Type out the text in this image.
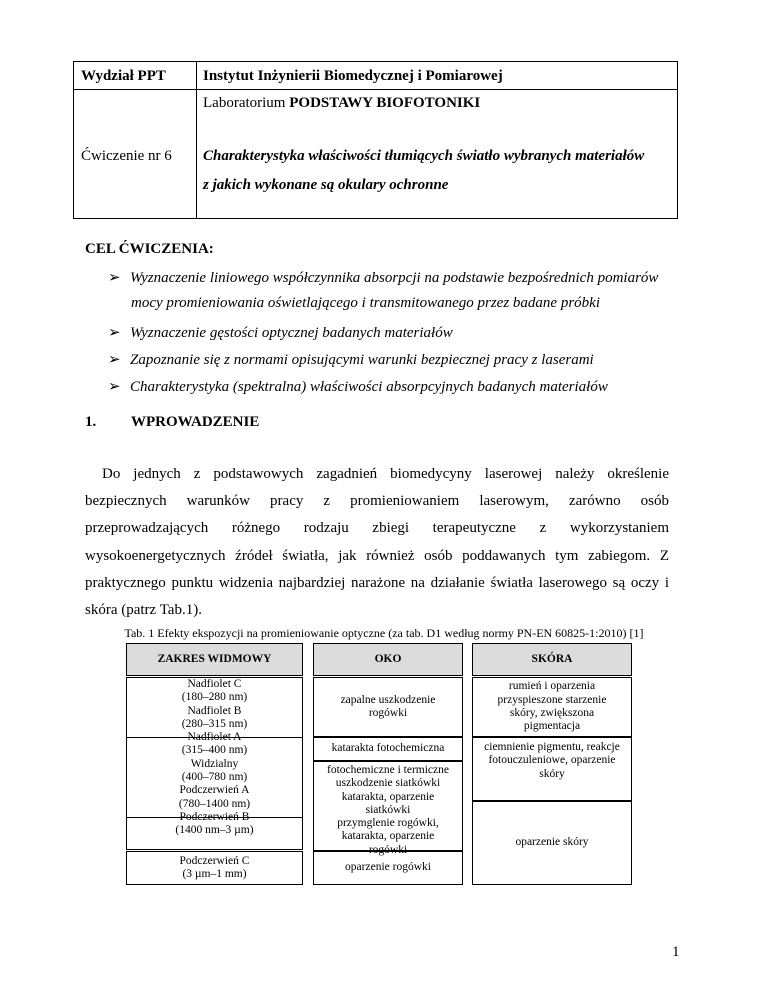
Wydział PPT Instytut Inżynierii Biomedycznej i Pomiarowej
Laboratorium PODSTAWY BIOFOTONIKI
Ćwiczenie nr 6 Charakterystyka właściwości tłumiących światło wybranych materiałów
z jakich wykonane są okulary ochronne
CEL ĆWICZENIA:
➢ Wyznaczenie liniowego współczynnika absorpcji na podstawie bezpośrednich pomiarów
mocy promieniowania oświetlającego i transmitowanego przez badane próbki
➢ Wyznaczenie gęstości optycznej badanych materiałów
➢ Zapoznanie się z normami opisującymi warunki bezpiecznej pracy z laserami
➢ Charakterystyka (spektralna) właściwości absorpcyjnych badanych materiałów
1. WPROWADZENIE
Do jednych z podstawowych zagadnień biomedycyny laserowej należy określenie
bezpiecznych warunków pracy z promieniowaniem laserowym, zarówno osób
przeprowadzających różnego rodzaju zbiegi terapeutyczne z wykorzystaniem
wysokoenergetycznych źródeł światła, jak również osób poddawanych tym zabiegom. Z
praktycznego punktu widzenia najbardziej narażone na działanie światła laserowego są oczy i
skóra (patrz Tab.1).
Tab. 1 Efekty ekspozycji na promieniowanie optyczne (za tab. D1 według normy PN-EN 60825-1:2010) [1]
ZAKRES WIDMOWY	OKO	SKÓRA
Nadfiolet C
(180–280 nm)
Nadfiolet B
(280–315 nm)
Nadfiolet A
(315–400 nm)
Widzialny
(400–780 nm)
Podczerwień A
(780–1400 nm)
Podczerwień B
(1400 nm–3 µm)
Podczerwień C
(3 µm–1 mm)
zapalne uszkodzenie
rogówki
katarakta fotochemiczna
fotochemiczne i termiczne
uszkodzenie siatkówki
katarakta, oparzenie
siatkówki
przymglenie rogówki,
katarakta, oparzenie
rogówki
oparzenie rogówki
rumień i oparzenia
przyspieszone starzenie
skóry, zwiększona
pigmentacja
ciemnienie pigmentu, reakcje
fotouczuleniowe, oparzenie
skóry
oparzenie skóry
1
